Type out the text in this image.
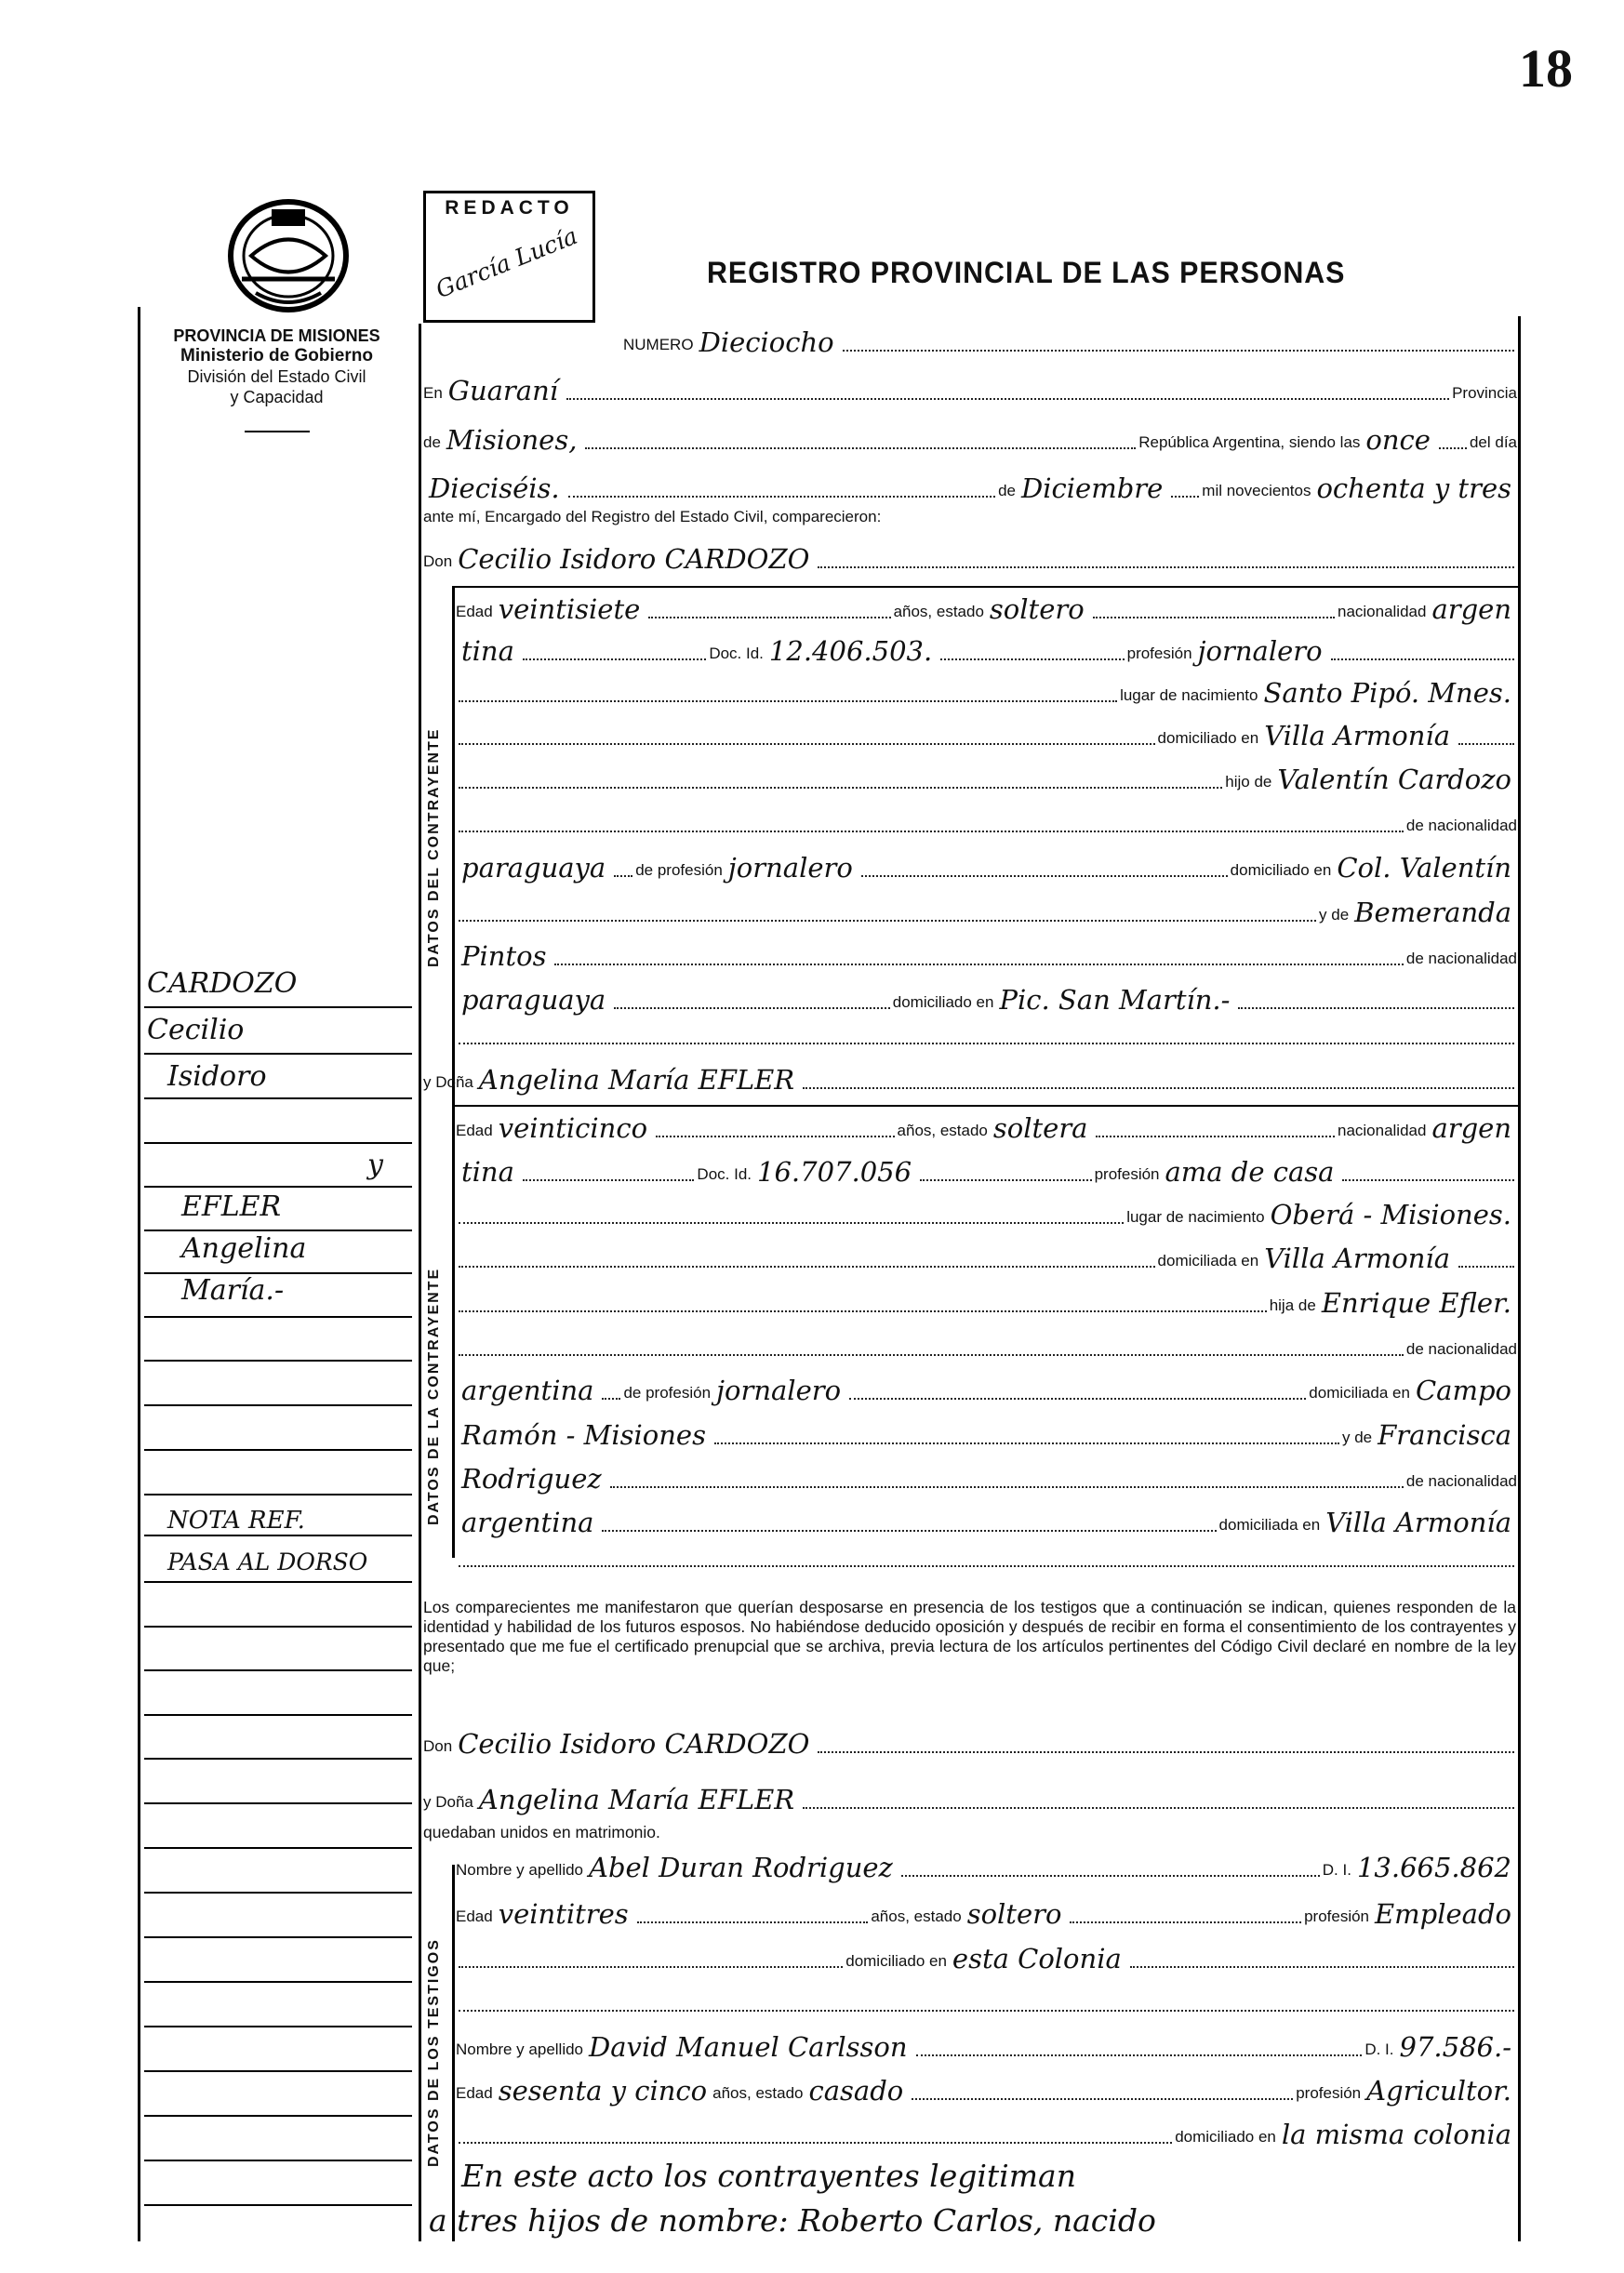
18
REDACTO
García Lucía	REGISTRO PROVINCIAL DE LAS PERSONAS
PROVINCIA DE MISIONES
Ministerio de Gobierno
División del Estado Civil
y Capacidad
DATOS DEL CONTRAYENTE
DATOS DE LA CONTRAYENTE
DATOS DE LOS TESTIGOS
NUMERO Dieciocho
En Guaraní	Provincia
de Misiones,	República Argentina, siendo las once	del día
Dieciséis.	de Diciembre	mil novecientos ochenta y tres
ante mí, Encargado del Registro del Estado Civil, comparecieron:
Don Cecilio Isidoro CARDOZO
Edad veintisiete	años, estado soltero	nacionalidad argen
tina	Doc. Id. 12.406.503.	profesión jornalero
lugar de nacimiento Santo Pipó. Mnes.
domiciliado en Villa Armonía
hijo de Valentín Cardozo
de nacionalidad
paraguaya	de profesión jornalero	domiciliado en Col. Valentín
y de Bemeranda
Pintos	de nacionalidad
paraguaya	domiciliado en Pic. San Martín.-
y Doña Angelina María EFLER
Edad veinticinco	años, estado soltera	nacionalidad argen
tina	Doc. Id. 16.707.056	profesión ama de casa
lugar de nacimiento Oberá - Misiones.
domiciliada en Villa Armonía
hija de Enrique Efler.
de nacionalidad
argentina	de profesión jornalero	domiciliada en Campo
Ramón - Misiones	y de Francisca
Rodriguez	de nacionalidad
argentina	domiciliada en Villa Armonía
Los comparecientes me manifestaron que querían desposarse en presencia de los testigos que a continuación se indican, quienes responden de la identidad y habilidad de los futuros esposos. No habiéndose deducido oposición y después de recibir en forma el consentimiento de los contrayentes y presentado que me fue el certificado prenupcial que se archiva, previa lectura de los artículos pertinentes del Código Civil declaré en nombre de la ley que;
Don Cecilio Isidoro CARDOZO
y Doña Angelina María EFLER
quedaban unidos en matrimonio.
Nombre y apellido Abel Duran Rodriguez	D. I. 13.665.862
Edad veintitres	años, estado soltero	profesión Empleado
domiciliado en esta Colonia
Nombre y apellido David Manuel Carlsson	D. I. 97.586.-
Edad sesenta y cinco años, estado casado	profesión Agricultor.
domiciliado en la misma colonia
En este acto los contrayentes legitiman
a tres hijos de nombre: Roberto Carlos, nacido
CARDOZO
Cecilio
Isidoro
y
EFLER
Angelina
María.-
NOTA REF.
PASA AL DORSO
